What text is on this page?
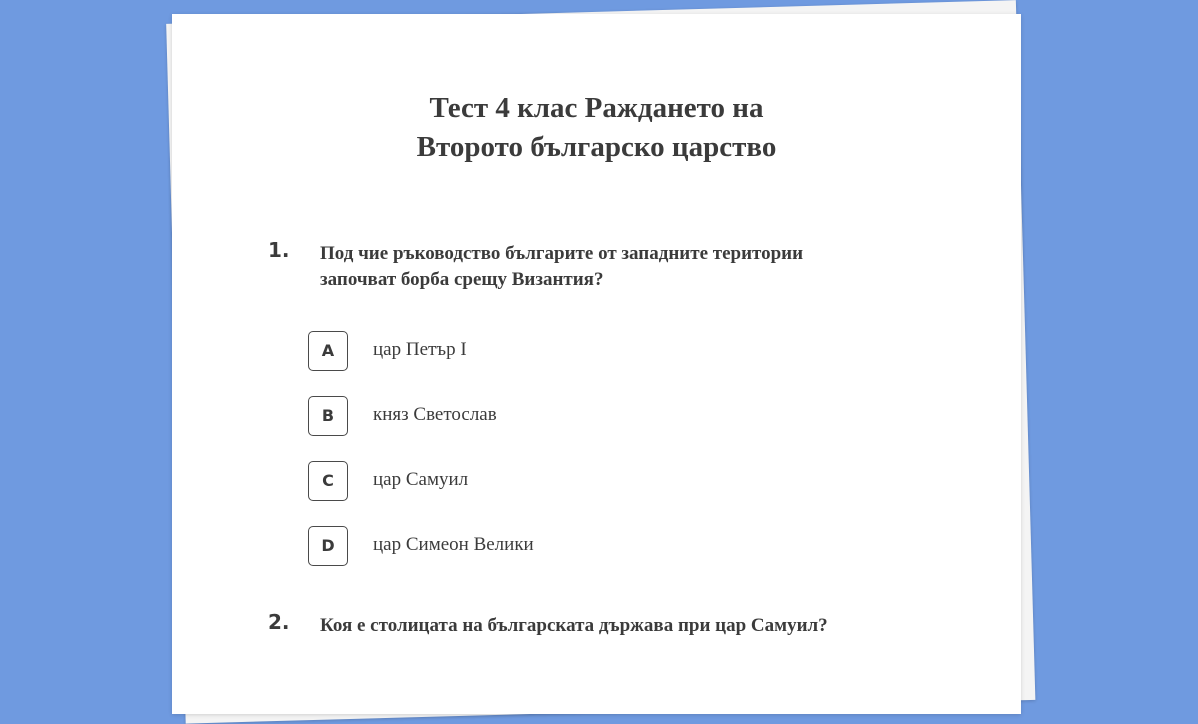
Тест 4 клас Раждането на
Второто българско царство
1. Под чие ръководство българите от западните територии започват борба срещу Византия?
A	цар Петър I
B	княз Светослав
C	цар Самуил
D	цар Симеон Велики
2. Коя е столицата на българската държава при цар Самуил?
